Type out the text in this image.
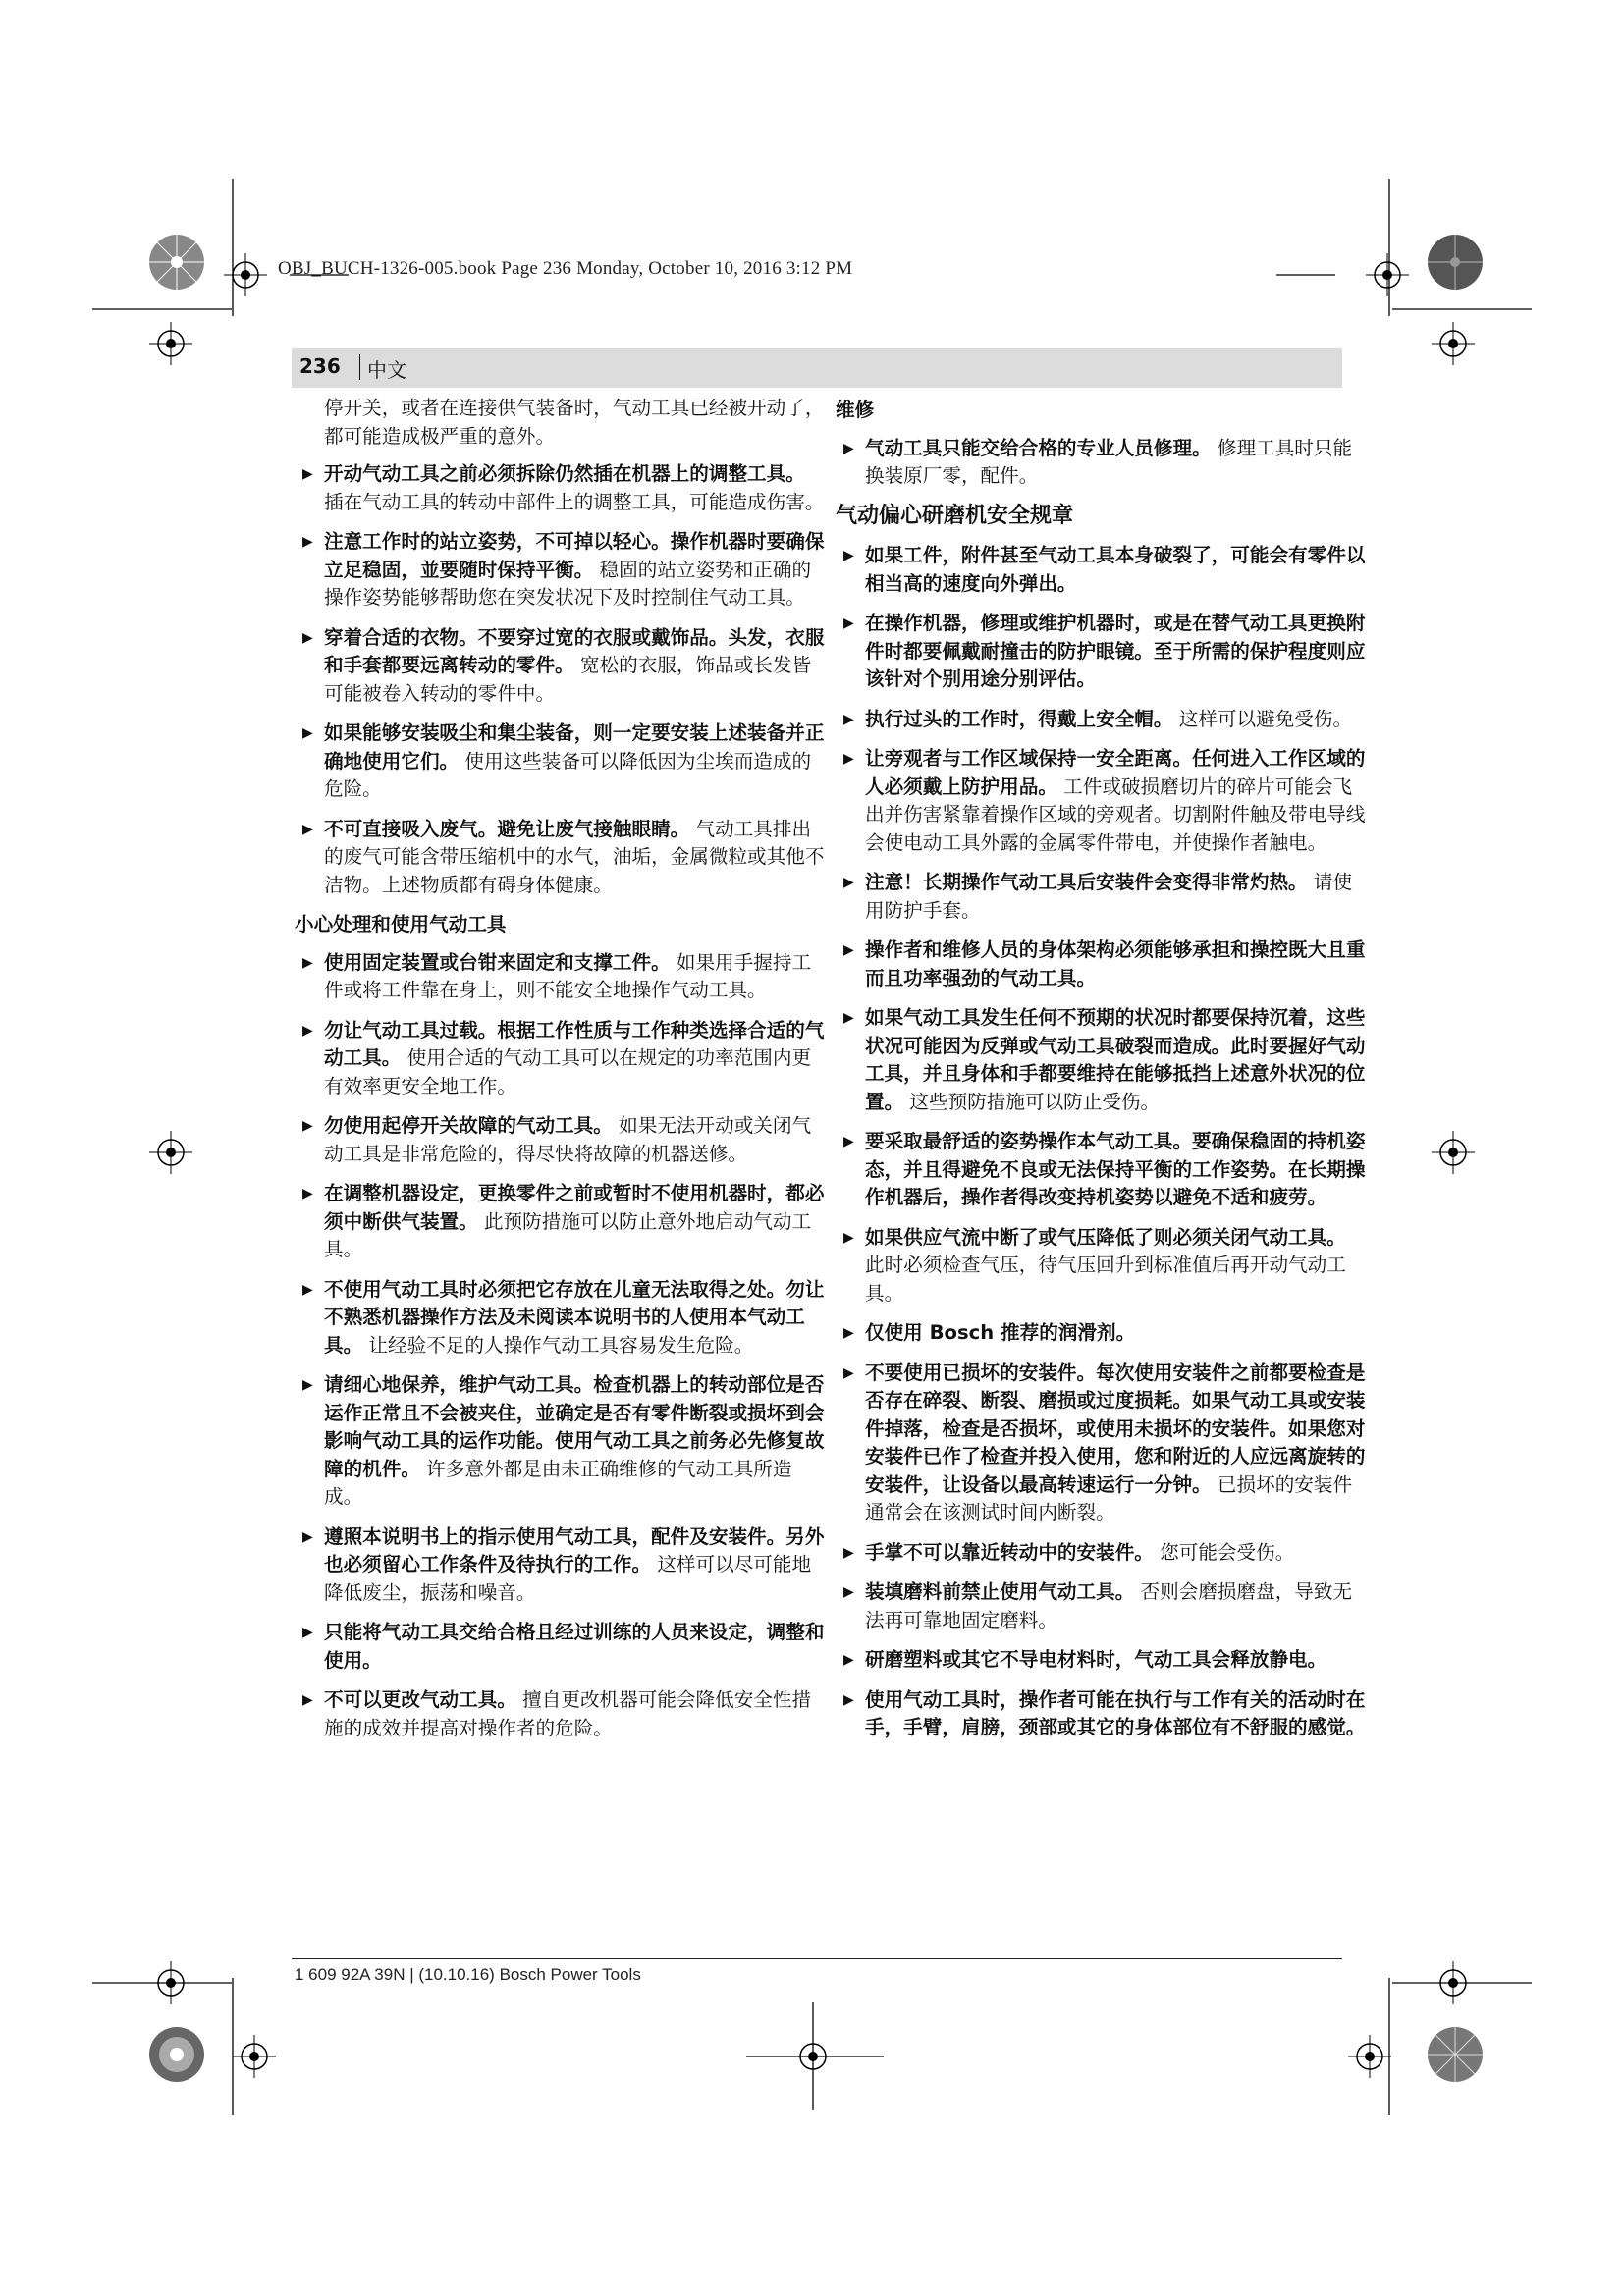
OBJ_BUCH-1326-005.book Page 236 Monday, October 10, 2016 3:12 PM
236 中文
停开关，或者在连接供气装备时，气动工具已经被开动了，都可能造成极严重的意外。
▶ 开动气动工具之前必须拆除仍然插在机器上的调整工具。 插在气动工具的转动中部件上的调整工具，可能造成伤害。
▶ 注意工作时的站立姿势，不可掉以轻心。操作机器时要确保立足稳固，並要随时保持平衡。 稳固的站立姿势和正确的操作姿势能够帮助您在突发状况下及时控制住气动工具。
▶ 穿着合适的衣物。不要穿过宽的衣服或戴饰品。头发，衣服和手套都要远离转动的零件。 宽松的衣服，饰品或长发皆可能被卷入转动的零件中。
▶ 如果能够安装吸尘和集尘装备，则一定要安装上述装备并正确地使用它们。 使用这些装备可以降低因为尘埃而造成的危险。
▶ 不可直接吸入废气。避免让废气接触眼睛。 气动工具排出的废气可能含带压缩机中的水气，油垢，金属微粒或其他不洁物。上述物质都有碍身体健康。
小心处理和使用气动工具
▶ 使用固定装置或台钳来固定和支撑工件。 如果用手握持工件或将工件靠在身上，则不能安全地操作气动工具。
▶ 勿让气动工具过载。根据工作性质与工作种类选择合适的气动工具。 使用合适的气动工具可以在规定的功率范围内更有效率更安全地工作。
▶ 勿使用起停开关故障的气动工具。 如果无法开动或关闭气动工具是非常危险的，得尽快将故障的机器送修。
▶ 在调整机器设定，更换零件之前或暂时不使用机器时，都必须中断供气装置。 此预防措施可以防止意外地启动气动工具。
▶ 不使用气动工具时必须把它存放在儿童无法取得之处。勿让不熟悉机器操作方法及未阅读本说明书的人使用本气动工具。 让经验不足的人操作气动工具容易发生危险。
▶ 请细心地保养，维护气动工具。检查机器上的转动部位是否运作正常且不会被夹住，並确定是否有零件断裂或损坏到会影响气动工具的运作功能。使用气动工具之前务必先修复故障的机件。 许多意外都是由未正确维修的气动工具所造成。
▶ 遵照本说明书上的指示使用气动工具，配件及安装件。另外也必须留心工作条件及待执行的工作。 这样可以尽可能地降低废尘，振荡和噪音。
▶ 只能将气动工具交给合格且经过训练的人员来设定，调整和使用。
▶ 不可以更改气动工具。 擅自更改机器可能会降低安全性措施的成效并提高对操作者的危险。
维修
▶ 气动工具只能交给合格的专业人员修理。 修理工具时只能换装原厂零，配件。
气动偏心研磨机安全规章
▶ 如果工件，附件甚至气动工具本身破裂了，可能会有零件以相当高的速度向外弹出。
▶ 在操作机器，修理或维护机器时，或是在替气动工具更换附件时都要佩戴耐撞击的防护眼镜。至于所需的保护程度则应该针对个别用途分别评估。
▶ 执行过头的工作时，得戴上安全帽。 这样可以避免受伤。
▶ 让旁观者与工作区域保持一安全距离。任何进入工作区域的人必须戴上防护用品。 工件或破损磨切片的碎片可能会飞出并伤害紧靠着操作区域的旁观者。切割附件触及带电导线会使电动工具外露的金属零件带电，并使操作者触电。
▶ 注意！长期操作气动工具后安装件会变得非常灼热。 请使用防护手套。
▶ 操作者和维修人员的身体架构必须能够承担和操控既大且重而且功率强劲的气动工具。
▶ 如果气动工具发生任何不预期的状况时都要保持沉着，这些状况可能因为反弹或气动工具破裂而造成。此时要握好气动工具，并且身体和手都要维持在能够抵挡上述意外状况的位置。 这些预防措施可以防止受伤。
▶ 要采取最舒适的姿势操作本气动工具。要确保稳固的持机姿态，并且得避免不良或无法保持平衡的工作姿势。在长期操作机器后，操作者得改变持机姿势以避免不适和疲劳。
▶ 如果供应气流中断了或气压降低了则必须关闭气动工具。 此时必须检查气压，待气压回升到标准值后再开动气动工具。
▶ 仅使用 Bosch 推荐的润滑剂。
▶ 不要使用已损坏的安装件。每次使用安装件之前都要检查是否存在碎裂、断裂、磨损或过度损耗。如果气动工具或安装件掉落，检查是否损坏，或使用未损坏的安装件。如果您对安装件已作了检查并投入使用，您和附近的人应远离旋转的安装件，让设备以最高转速运行一分钟。 已损坏的安装件通常会在该测试时间内断裂。
▶ 手掌不可以靠近转动中的安装件。 您可能会受伤。
▶ 装填磨料前禁止使用气动工具。 否则会磨损磨盘，导致无法再可靠地固定磨料。
▶ 研磨塑料或其它不导电材料时，气动工具会释放静电。
▶ 使用气动工具时，操作者可能在执行与工作有关的活动时在手，手臂，肩膀，颈部或其它的身体部位有不舒服的感觉。
1 609 92A 39N | (10.10.16) Bosch Power Tools
